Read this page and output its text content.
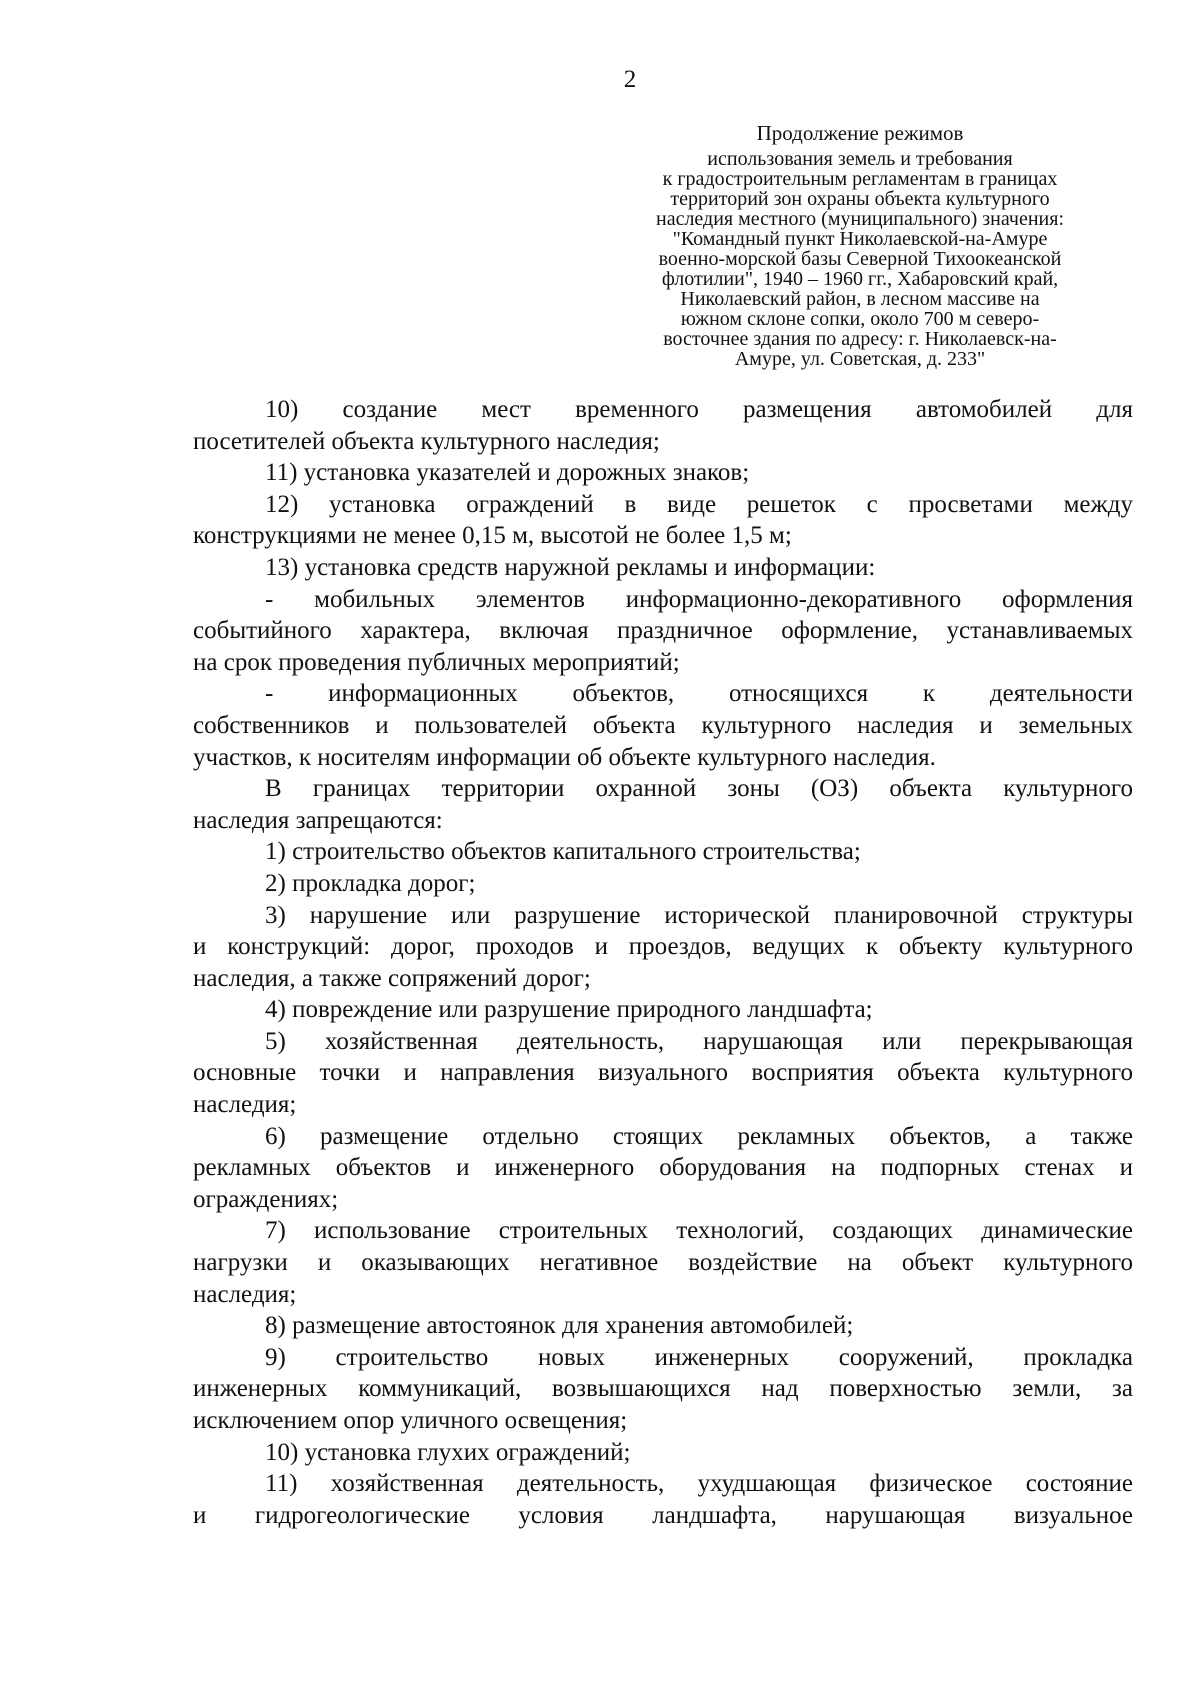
2
Продолжение режимов
использования земель и требования
к градостроительным регламентам в границах
территорий зон охраны объекта культурного
наследия местного (муниципального) значения:
"Командный пункт Николаевской-на-Амуре
военно-морской базы Северной Тихоокеанской
флотилии", 1940 – 1960 гг., Хабаровский край,
Николаевский район, в лесном массиве на
южном склоне сопки, около 700 м северо-
восточнее здания по адресу: г. Николаевск-на-
Амуре, ул. Советская, д. 233"
10) создание мест временного размещения автомобилей для
посетителей объекта культурного наследия;
11) установка указателей и дорожных знаков;
12) установка ограждений в виде решеток с просветами между
конструкциями не менее 0,15 м, высотой не более 1,5 м;
13) установка средств наружной рекламы и информации:
- мобильных элементов информационно-декоративного оформления
событийного характера, включая праздничное оформление, устанавливаемых
на срок проведения публичных мероприятий;
- информационных объектов, относящихся к деятельности
собственников и пользователей объекта культурного наследия и земельных
участков, к носителям информации об объекте культурного наследия.
В границах территории охранной зоны (ОЗ) объекта культурного
наследия запрещаются:
1) строительство объектов капитального строительства;
2) прокладка дорог;
3) нарушение или разрушение исторической планировочной структуры
и конструкций: дорог, проходов и проездов, ведущих к объекту культурного
наследия, а также сопряжений дорог;
4) повреждение или разрушение природного ландшафта;
5) хозяйственная деятельность, нарушающая или перекрывающая
основные точки и направления визуального восприятия объекта культурного
наследия;
6) размещение отдельно стоящих рекламных объектов, а также
рекламных объектов и инженерного оборудования на подпорных стенах и
ограждениях;
7) использование строительных технологий, создающих динамические
нагрузки и оказывающих негативное воздействие на объект культурного
наследия;
8) размещение автостоянок для хранения автомобилей;
9) строительство новых инженерных сооружений, прокладка
инженерных коммуникаций, возвышающихся над поверхностью земли, за
исключением опор уличного освещения;
10) установка глухих ограждений;
11) хозяйственная деятельность, ухудшающая физическое состояние
и гидрогеологические условия ландшафта, нарушающая визуальное
